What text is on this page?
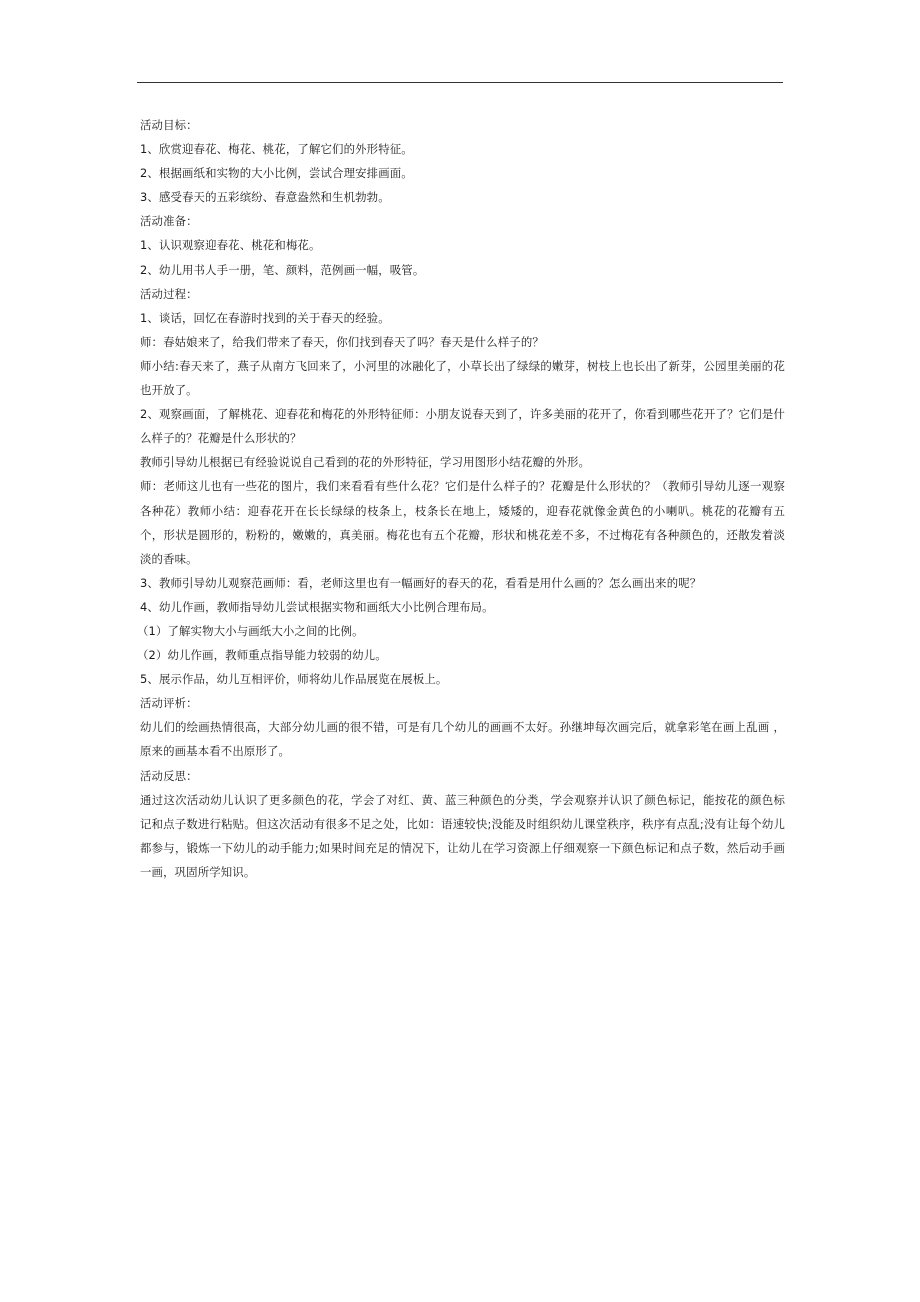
活动目标：

1、欣赏迎春花、梅花、桃花，了解它们的外形特征。

2、根据画纸和实物的大小比例，尝试合理安排画面。

3、感受春天的五彩缤纷、春意盎然和生机勃勃。

活动准备：

1、认识观察迎春花、桃花和梅花。

2、幼儿用书人手一册，笔、颜料，范例画一幅，吸管。

活动过程：

1、谈话，回忆在春游时找到的关于春天的经验。

师：春姑娘来了，给我们带来了春天，你们找到春天了吗？春天是什么样子的？

师小结:春天来了，燕子从南方飞回来了，小河里的冰融化了，小草长出了绿绿的嫩芽，树枝上也长出了新芽，公园里美丽的花也开放了。

2、观察画面，了解桃花、迎春花和梅花的外形特征师：小朋友说春天到了，许多美丽的花开了，你看到哪些花开了？它们是什么样子的？花瓣是什么形状的？

教师引导幼儿根据已有经验说说自己看到的花的外形特征，学习用图形小结花瓣的外形。

师：老师这儿也有一些花的图片，我们来看看有些什么花？它们是什么样子的？花瓣是什么形状的？（教师引导幼儿逐一观察各种花）教师小结：迎春花开在长长绿绿的枝条上，枝条长在地上，矮矮的，迎春花就像金黄色的小喇叭。桃花的花瓣有五个，形状是圆形的，粉粉的，嫩嫩的，真美丽。梅花也有五个花瓣，形状和桃花差不多，不过梅花有各种颜色的，还散发着淡淡的香味。

3、教师引导幼儿观察范画师：看，老师这里也有一幅画好的春天的花，看看是用什么画的？怎么画出来的呢？

4、幼儿作画，教师指导幼儿尝试根据实物和画纸大小比例合理布局。

（1）了解实物大小与画纸大小之间的比例。

（2）幼儿作画，教师重点指导能力较弱的幼儿。

5、展示作品，幼儿互相评价，师将幼儿作品展览在展板上。

活动评析：

幼儿们的绘画热情很高，大部分幼儿画的很不错，可是有几个幼儿的画画不太好。孙继坤每次画完后，就拿彩笔在画上乱画 ，原来的画基本看不出原形了。

活动反思：

通过这次活动幼儿认识了更多颜色的花，学会了对红、黄、蓝三种颜色的分类，学会观察并认识了颜色标记，能按花的颜色标记和点子数进行粘贴。但这次活动有很多不足之处，比如：语速较快;没能及时组织幼儿课堂秩序，秩序有点乱;没有让每个幼儿都参与，锻炼一下幼儿的动手能力;如果时间充足的情况下，让幼儿在学习资源上仔细观察一下颜色标记和点子数，然后动手画一画，巩固所学知识。
